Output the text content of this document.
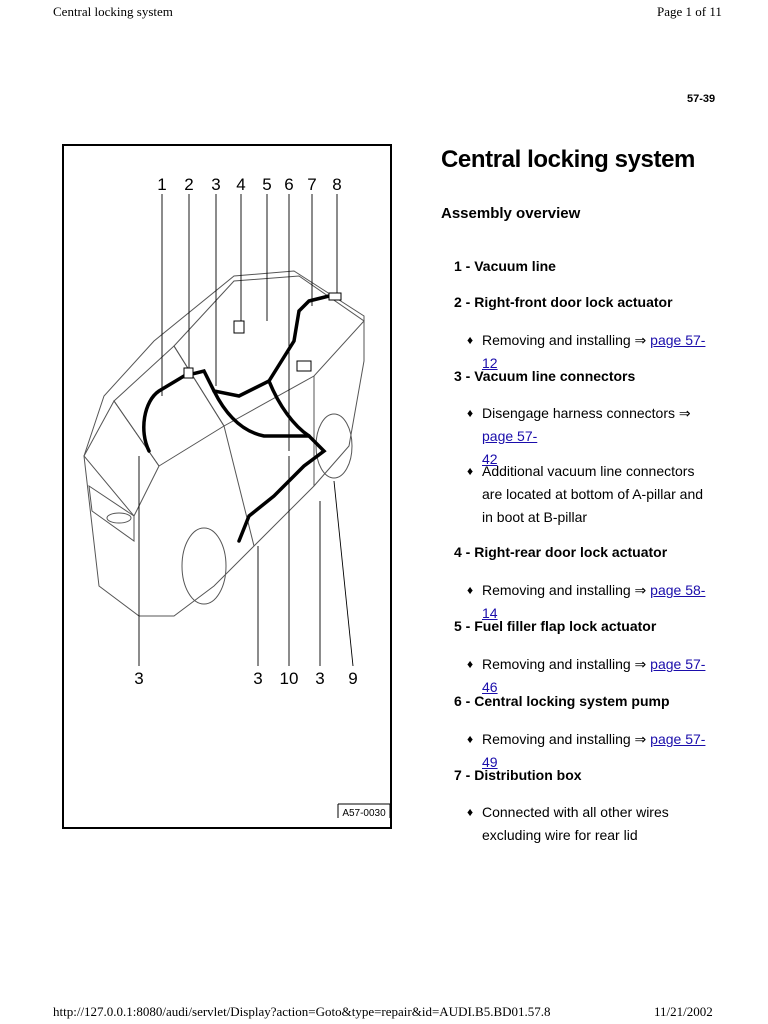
Central locking system	Page 1 of 11
57-39
1 2 3 4 5 6 7 8
3	3 10 3 9
A57-0030
Central locking system
Assembly overview
1 - Vacuum line
2 - Right-front door lock actuator
♦ Removing and installing ⇒ page 57-12
3 - Vacuum line connectors
♦ Disengage harness connectors ⇒ page 57-
42
♦ Additional vacuum line connectors are located at bottom of A-pillar and in boot at B-pillar
4 - Right-rear door lock actuator
♦ Removing and installing ⇒ page 58-14
5 - Fuel filler flap lock actuator
♦ Removing and installing ⇒ page 57-46
6 - Central locking system pump
♦ Removing and installing ⇒ page 57-49
7 - Distribution box
♦ Connected with all other wires excluding wire for rear lid
http://127.0.0.1:8080/audi/servlet/Display?action=Goto&type=repair&id=AUDI.B5.BD01.57.8	11/21/2002
